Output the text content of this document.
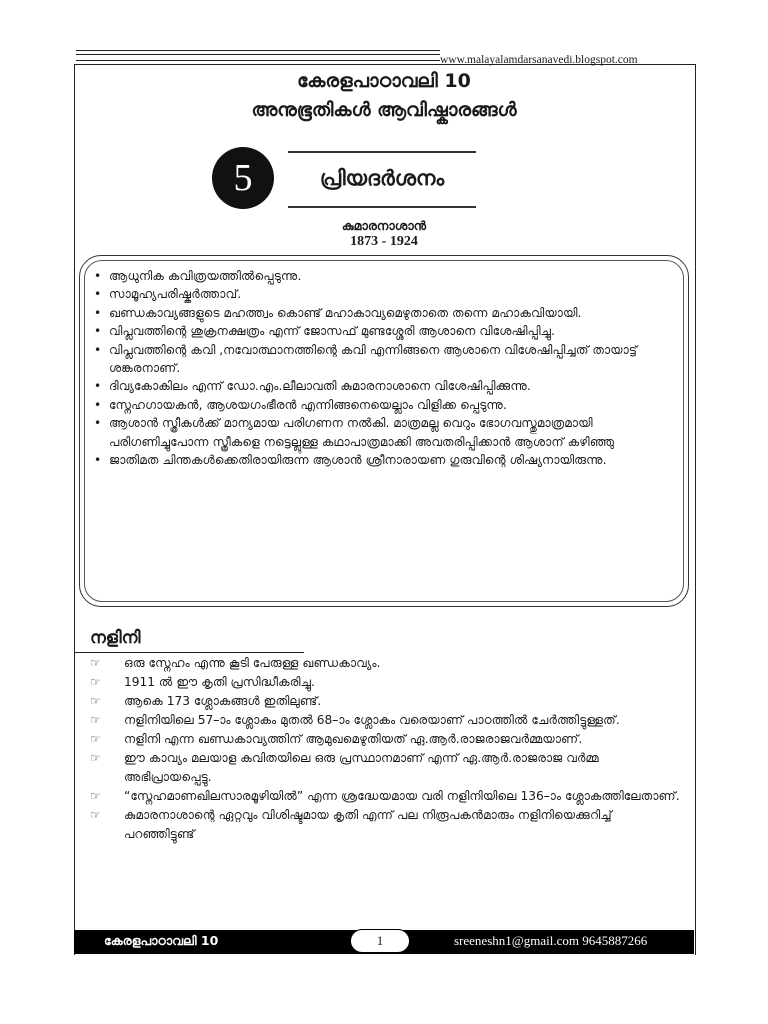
www.malayalamdarsanavedi.blogspot.com
കേരളപാഠാവലി 10
അനുഭൂതികൾ ആവിഷ്കാരങ്ങൾ
5	പ്രിയദർശനം
കുമാരനാശാൻ
1873 - 1924
• ആധുനിക കവിത്രയത്തിൽപ്പെടുന്നു.
• സാമൂഹ്യപരിഷ്കർത്താവ്.
• ഖണ്ഡകാവ്യങ്ങളുടെ മഹത്ത്വം കൊണ്ട് മഹാകാവ്യമെഴുതാതെ തന്നെ മഹാകവിയായി.
• വിപ്ലവത്തിന്റെ ശുക്രനക്ഷത്രം എന്ന് ജോസഫ് മുണ്ടശ്ശേരി ആശാനെ വിശേഷിപ്പിച്ചു.
• വിപ്ലവത്തിന്റെ കവി ,നവോത്ഥാനത്തിന്റെ കവി എന്നിങ്ങനെ ആശാനെ വിശേഷിപ്പിച്ചത് തായാട്ട് ശങ്കരനാണ്.
• ദിവ്യകോകിലം എന്ന് ഡോ.എം.ലീലാവതി കുമാരനാശാനെ വിശേഷിപ്പിക്കുന്നു.
• സ്നേഹഗായകൻ, ആശയഗംഭീരൻ എന്നിങ്ങനെയെല്ലാം വിളിക്ക പ്പെടുന്നു.
• ആശാൻ സ്ത്രീകൾക്ക് മാന്യമായ പരിഗണന നൽകി. മാത്രമല്ല വെറും ഭോഗവസ്തുമാത്രമായി പരിഗണിച്ചുപോന്ന സ്ത്രീകളെ നട്ടെല്ലുള്ള കഥാപാത്രമാക്കി അവതരിപ്പിക്കാൻ ആശാന് കഴിഞ്ഞു
• ജാതിമത ചിന്തകൾക്കെതിരായിരുന്ന ആശാൻ ശ്രീനാരായണ ഗുരുവിന്റെ ശിഷ്യനായിരുന്നു.
നളിനി
☞ ഒരു സ്നേഹം എന്നു കൂടി പേരുള്ള ഖണ്ഡകാവ്യം.
☞ 1911 ൽ ഈ കൃതി പ്രസിദ്ധീകരിച്ചു.
☞ ആകെ 173 ശ്ലോകങ്ങൾ ഇതിലുണ്ട്.
☞ നളിനിയിലെ 57–ാം ശ്ലോകം മുതൽ 68–ാം ശ്ലോകം വരെയാണ് പാഠത്തിൽ ചേർത്തിട്ടുള്ളത്.
☞ നളിനി എന്ന ഖണ്ഡകാവ്യത്തിന് ആമുഖമെഴുതിയത് ഏ.ആർ.രാജരാജവർമ്മയാണ്.
☞ ഈ കാവ്യം മലയാള കവിതയിലെ ഒരു പ്രസ്ഥാനമാണ് എന്ന് ഏ.ആർ.രാജരാജ വർമ്മ അഭിപ്രായപ്പെട്ടു.
☞ “സ്നേഹമാണഖിലസാരമൂഴിയിൽ” എന്ന ശ്രദ്ധേയമായ വരി നളിനിയിലെ 136–ാം ശ്ലോകത്തിലേതാണ്.
☞ കുമാരനാശാന്റെ ഏറ്റവും വിശിഷ്ടമായ കൃതി എന്ന് പല നിരൂപകൻമാരും നളിനിയെക്കുറിച്ച് പറഞ്ഞിട്ടുണ്ട്
കേരളപാഠാവലി 10	1	sreeneshn1@gmail.com 9645887266
